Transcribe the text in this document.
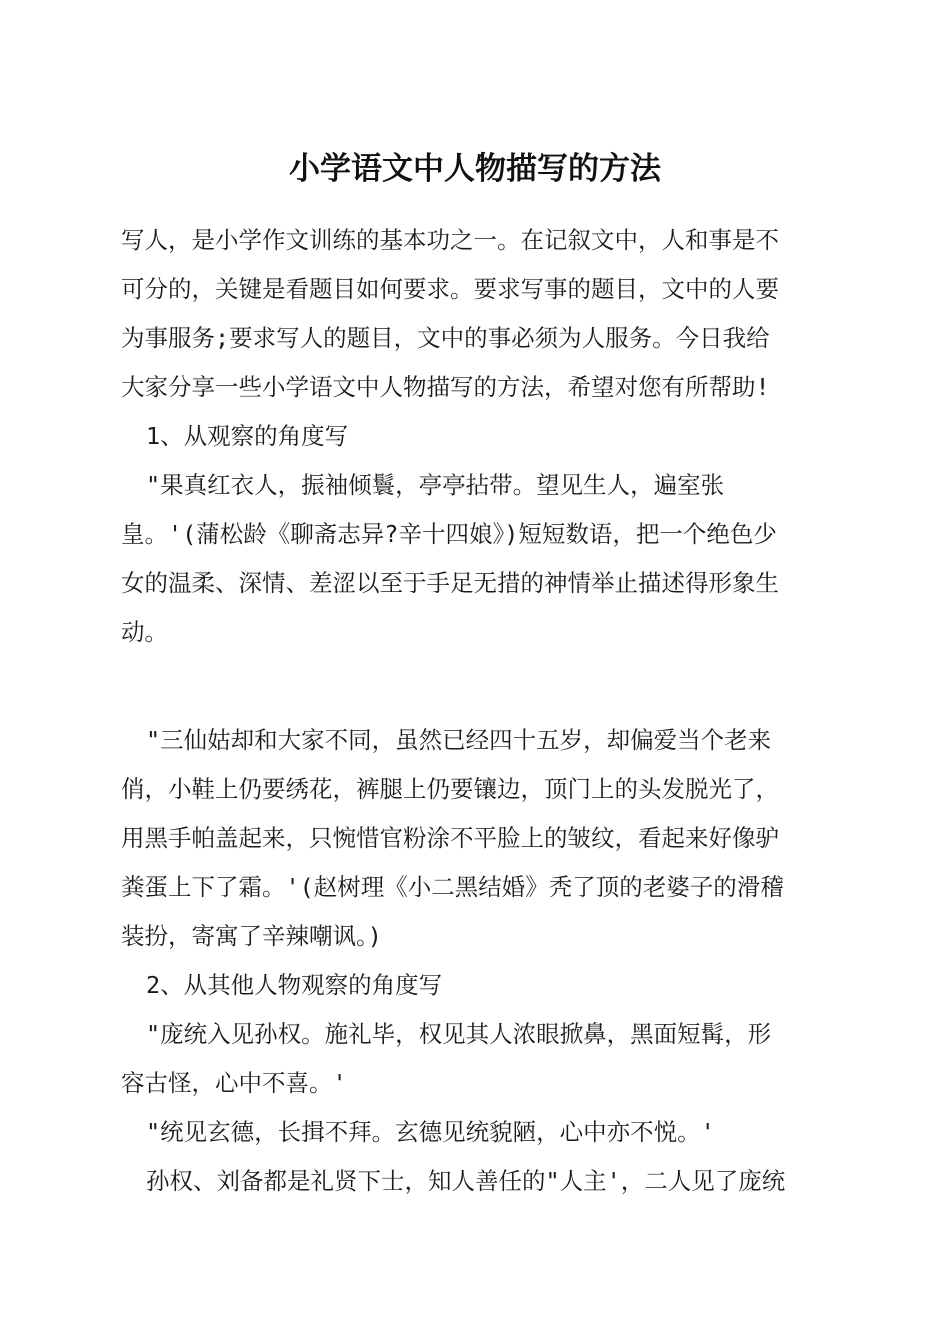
小学语文中人物描写的方法
写人，是小学作文训练的基本功之一。在记叙文中，人和事是不
可分的，关键是看题目如何要求。要求写事的题目，文中的人要
为事服务;要求写人的题目，文中的事必须为人服务。今日我给
大家分享一些小学语文中人物描写的方法，希望对您有所帮助!
1、从观察的角度写
"果真红衣人，振袖倾鬟，亭亭拈带。望见生人，遍室张
皇。'(蒲松龄《聊斋志异?辛十四娘》)短短数语，把一个绝色少
女的温柔、深情、差涩以至于手足无措的神情举止描述得形象生
动。
"三仙姑却和大家不同，虽然已经四十五岁，却偏爱当个老来
俏，小鞋上仍要绣花，裤腿上仍要镶边，顶门上的头发脱光了，
用黑手帕盖起来，只惋惜官粉涂不平脸上的皱纹，看起来好像驴
粪蛋上下了霜。'(赵树理《小二黑结婚》秃了顶的老婆子的滑稽
装扮，寄寓了辛辣嘲讽。)
2、从其他人物观察的角度写
"庞统入见孙权。施礼毕，权见其人浓眼掀鼻，黑面短髯，形
容古怪，心中不喜。'
"统见玄德，长揖不拜。玄德见统貌陋，心中亦不悦。'
孙权、刘备都是礼贤下士，知人善任的"人主'，二人见了庞统
